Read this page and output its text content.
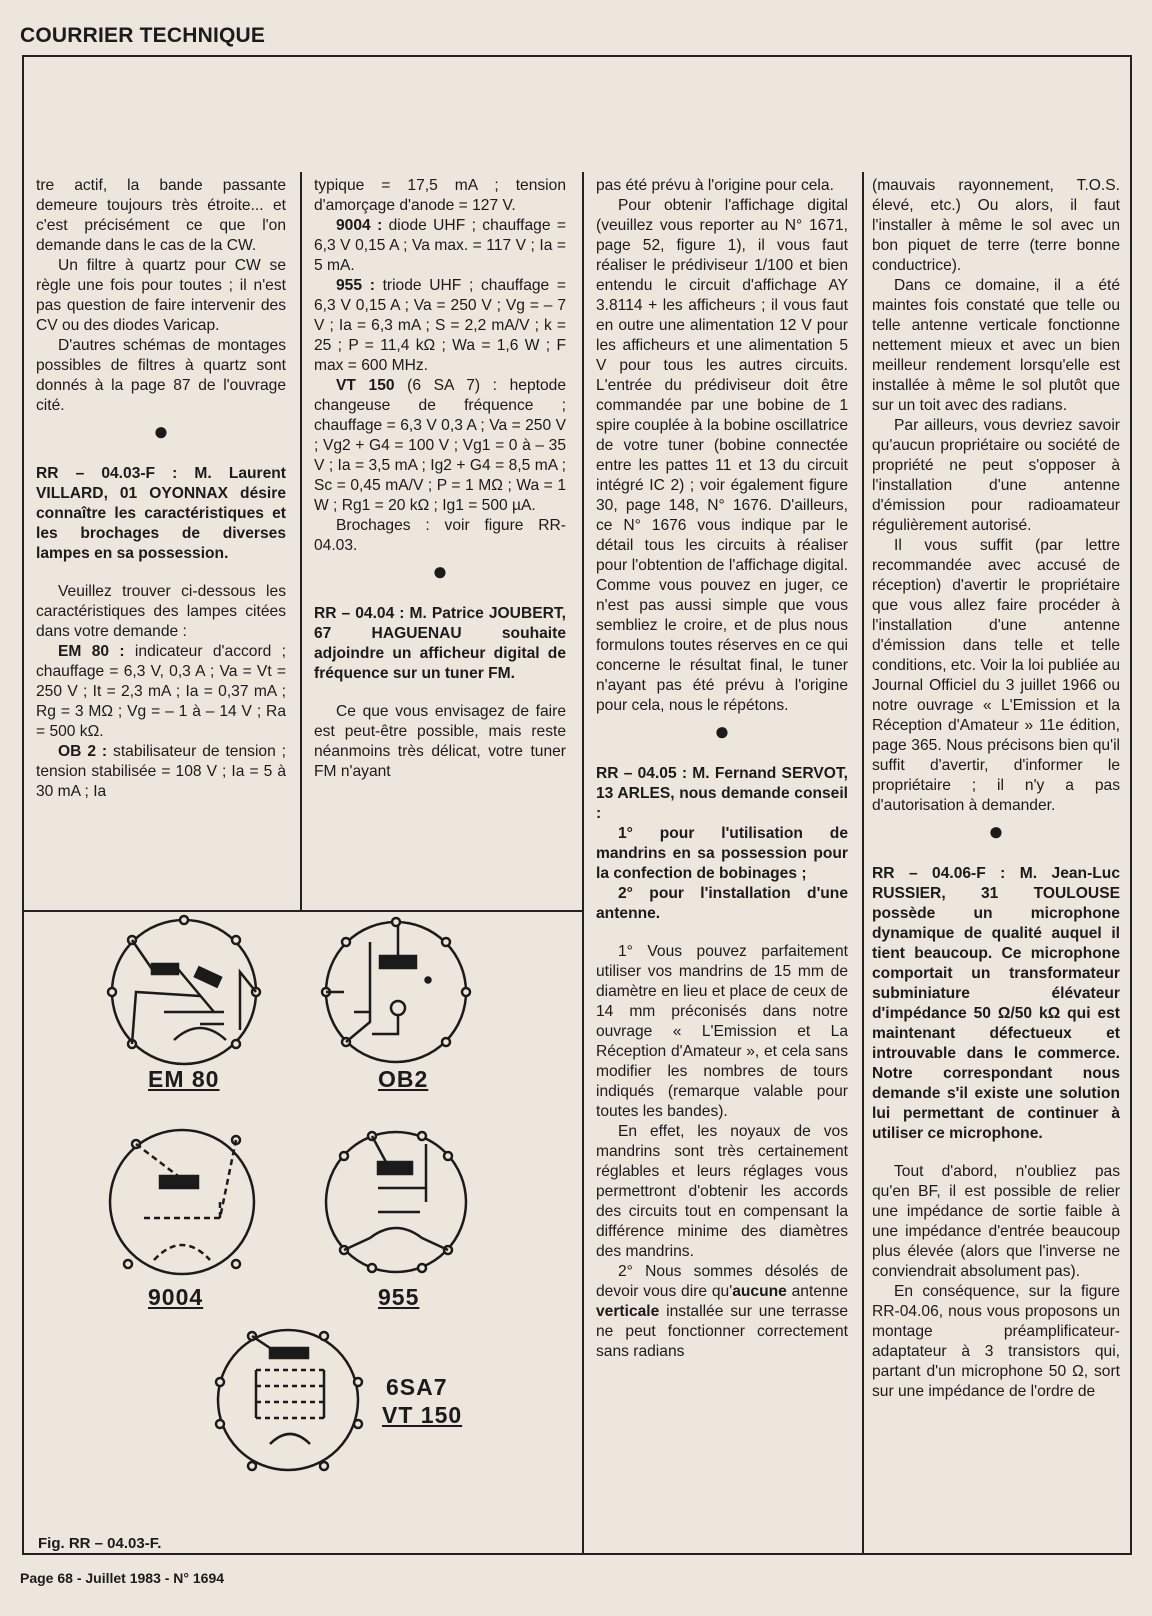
COURRIER TECHNIQUE

tre actif, la bande passante demeure toujours très étroite... et c'est précisément ce que l'on demande dans le cas de la CW.

Un filtre à quartz pour CW se règle une fois pour toutes ; il n'est pas question de faire intervenir des CV ou des diodes Varicap.

D'autres schémas de montages possibles de filtres à quartz sont donnés à la page 87 de l'ouvrage cité.

●

RR – 04.03-F : M. Laurent VILLARD, 01 OYONNAX désire connaître les caractéristiques et les brochages de diverses lampes en sa possession.

Veuillez trouver ci-dessous les caractéristiques des lampes citées dans votre demande :

EM 80 : indicateur d'accord ; chauffage = 6,3 V, 0,3 A ; Va = Vt = 250 V ; It = 2,3 mA ; Ia = 0,37 mA ; Rg = 3 MΩ ; Vg = – 1 à – 14 V ; Ra = 500 kΩ.

OB 2 : stabilisateur de tension ; tension stabilisée = 108 V ; Ia = 5 à 30 mA ; Ia

typique = 17,5 mA ; tension d'amorçage d'anode = 127 V.

9004 : diode UHF ; chauffage = 6,3 V 0,15 A ; Va max. = 117 V ; Ia = 5 mA.

955 : triode UHF ; chauffage = 6,3 V 0,15 A ; Va = 250 V ; Vg = – 7 V ; Ia = 6,3 mA ; S = 2,2 mA/V ; k = 25 ; P = 11,4 kΩ ; Wa = 1,6 W ; F max = 600 MHz.

VT 150 (6 SA 7) : heptode changeuse de fréquence ; chauffage = 6,3 V 0,3 A ; Va = 250 V ; Vg2 + G4 = 100 V ; Vg1 = 0 à – 35 V ; Ia = 3,5 mA ; Ig2 + G4 = 8,5 mA ; Sc = 0,45 mA/V ; P = 1 MΩ ; Wa = 1 W ; Rg1 = 20 kΩ ; Ig1 = 500 µA.

Brochages : voir figure RR-04.03.

●

RR – 04.04 : M. Patrice JOUBERT, 67 HAGUENAU souhaite adjoindre un afficheur digital de fréquence sur un tuner FM.

Ce que vous envisagez de faire est peut-être possible, mais reste néanmoins très délicat, votre tuner FM n'ayant

pas été prévu à l'origine pour cela.

Pour obtenir l'affichage digital (veuillez vous reporter au N° 1671, page 52, figure 1), il vous faut réaliser le prédiviseur 1/100 et bien entendu le circuit d'affichage AY 3.8114 + les afficheurs ; il vous faut en outre une alimentation 12 V pour les afficheurs et une alimentation 5 V pour tous les autres circuits. L'entrée du prédiviseur doit être commandée par une bobine de 1 spire couplée à la bobine oscillatrice de votre tuner (bobine connectée entre les pattes 11 et 13 du circuit intégré IC 2) ; voir également figure 30, page 148, N° 1676. D'ailleurs, ce N° 1676 vous indique par le détail tous les circuits à réaliser pour l'obtention de l'affichage digital. Comme vous pouvez en juger, ce n'est pas aussi simple que vous sembliez le croire, et de plus nous formulons toutes réserves en ce qui concerne le résultat final, le tuner n'ayant pas été prévu à l'origine pour cela, nous le répétons.

●

RR – 04.05 : M. Fernand SERVOT, 13 ARLES, nous demande conseil :

1° pour l'utilisation de mandrins en sa possession pour la confection de bobinages ;

2° pour l'installation d'une antenne.

1° Vous pouvez parfaitement utiliser vos mandrins de 15 mm de diamètre en lieu et place de ceux de 14 mm préconisés dans notre ouvrage « L'Emission et La Réception d'Amateur », et cela sans modifier les nombres de tours indiqués (remarque valable pour toutes les bandes).

En effet, les noyaux de vos mandrins sont très certainement réglables et leurs réglages vous permettront d'obtenir les accords des circuits tout en compensant la différence minime des diamètres des mandrins.

2° Nous sommes désolés de devoir vous dire qu'aucune antenne verticale installée sur une terrasse ne peut fonctionner correctement sans radians

(mauvais rayonnement, T.O.S. élevé, etc.) Ou alors, il faut l'installer à même le sol avec un bon piquet de terre (terre bonne conductrice).

Dans ce domaine, il a été maintes fois constaté que telle ou telle antenne verticale fonctionne nettement mieux et avec un bien meilleur rendement lorsqu'elle est installée à même le sol plutôt que sur un toit avec des radians.

Par ailleurs, vous devriez savoir qu'aucun propriétaire ou société de propriété ne peut s'opposer à l'installation d'une antenne d'émission pour radioamateur régulièrement autorisé.

Il vous suffit (par lettre recommandée avec accusé de réception) d'avertir le propriétaire que vous allez faire procéder à l'installation d'une antenne d'émission dans telle et telle conditions, etc. Voir la loi publiée au Journal Officiel du 3 juillet 1966 ou notre ouvrage « L'Emission et la Réception d'Amateur » 11e édition, page 365. Nous précisons bien qu'il suffit d'avertir, d'informer le propriétaire ; il n'y a pas d'autorisation à demander.

●

RR – 04.06-F : M. Jean-Luc RUSSIER, 31 TOULOUSE possède un microphone dynamique de qualité auquel il tient beaucoup. Ce microphone comportait un transformateur subminiature élévateur d'impédance 50 Ω/50 kΩ qui est maintenant défectueux et introuvable dans le commerce. Notre correspondant nous demande s'il existe une solution lui permettant de continuer à utiliser ce microphone.

Tout d'abord, n'oubliez pas qu'en BF, il est possible de relier une impédance de sortie faible à une impédance d'entrée beaucoup plus élevée (alors que l'inverse ne conviendrait absolument pas).

En conséquence, sur la figure RR-04.06, nous vous proposons un montage préamplificateur-adaptateur à 3 transistors qui, partant d'un microphone 50 Ω, sort sur une impédance de l'ordre de

EM 80	OB2
9004	955
6SA7
VT 150
Fig. RR – 04.03-F.
Page 68 - Juillet 1983 - N° 1694
